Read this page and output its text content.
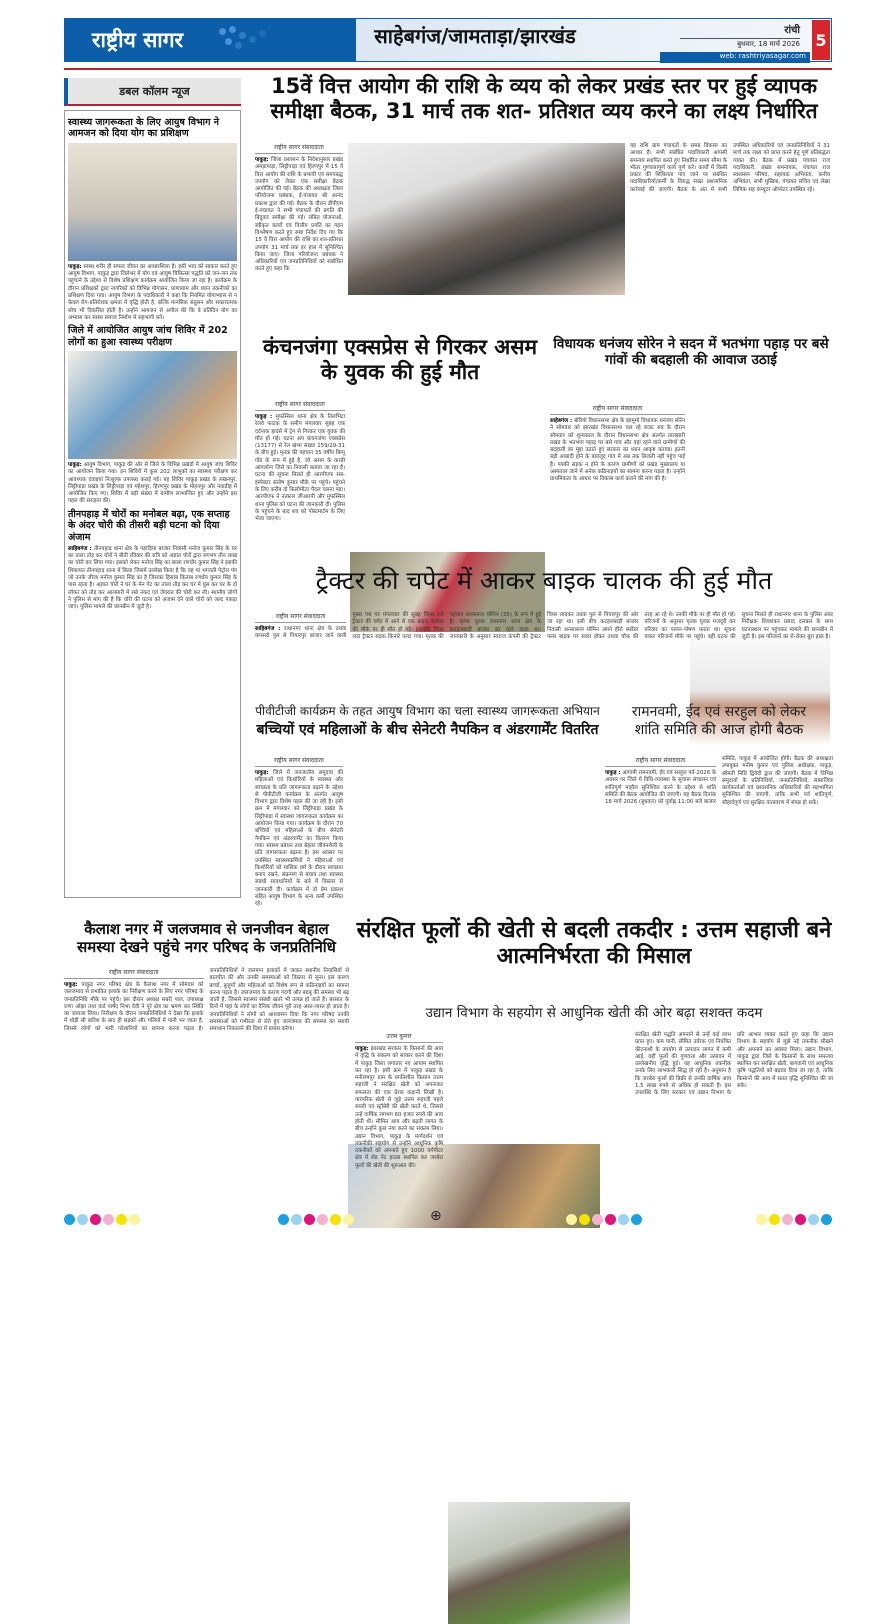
राष्ट्रीय सागर	साहेबगंज/जामताड़ा/झारखंड	रांची
बुधवार, 18 मार्च 2026
web: rashtriyasagar.com
5
डबल कॉलम न्यूज
स्वास्थ्य जागरूकता के लिए आयुष विभाग ने आमजन को दिया योग का प्रशिक्षण

पाकुड़: स्वस्थ शरीर ही सफल जीवन का आधारशिला है। इसी भाव को साकार करते हुए आयुष विभाग, पाकुड़ द्वारा जिलेभर में योग एवं आयुष चिकित्सा पद्धति को जन-जन तक पहुंचाने के उद्देश्य से विशेष प्रशिक्षण कार्यक्रम आयोजित किया जा रहा है। कार्यक्रम के दौरान प्रशिक्षकों द्वारा नागरिकों को विभिन्न योगासन, प्राणायाम और ध्यान तकनीकों का प्रशिक्षण दिया गया। आयुष विभाग के पदाधिकारी ने कहा कि नियमित योगाभ्यास से न केवल रोग-प्रतिरोधक क्षमता में वृद्धि होती है, बल्कि मानसिक संतुलन और सकारात्मक सोच भी विकसित होती है। उन्होंने आमजन से अपील की कि वे प्रतिदिन योग का अभ्यास कर स्वस्थ समाज निर्माण में सहभागी बनें।

जिले में आयोजित आयुष जांच शिविर में 202 लोगों का हुआ स्वास्थ्य परीक्षण

पाकुड़: आयुष विभाग, पाकुड़ की ओर से जिले के विभिन्न प्रखंडों में आयुष जांच शिविर का आयोजन किया गया। इन शिविरों में कुल 202 लाभुकों का स्वास्थ्य परीक्षण कर आवश्यक दवाइयां निःशुल्क उपलब्ध कराई गई। यह शिविर पाकुड़ प्रखंड के लखनपुर, लिट्टीपाड़ा प्रखंड के लिट्टीपाड़ा एवं महेशपुर, हिरणपुर प्रखंड के मोहनपुर और नवाडीह में आयोजित किए गए। शिविर में बड़ी संख्या में ग्रामीण लाभान्वित हुए और उन्होंने इस पहल की सराहना की।

तीनपहाड़ में चोरों का मनोबल बढ़ा, एक सप्ताह के अंदर चोरी की तीसरी बड़ी घटना को दिया अंजाम

साहिबगंज : तीनपहाड़ थाना क्षेत्र के पहाड़िया बाजार निवासी मनोज कुमार सिंह के घर का ताला तोड़ कर चोरों ने बीती रविवार की रात्रि को अज्ञात चोरों द्वारा लगभग तीन लाख का चोरी कर लिया गया। इसको लेकर मनोज सिंह का साला रणधीर कुमार सिंह ने इसकी शिकायत तीनपहाड़ थाना में किया जिसमें उल्लेख किया है कि वह मां भगवती पेट्रोल पंप जो उनके जीजा मनोज कुमार सिंह का है जिसका हिसाब किताब रणधीर कुमार सिंह के पास रहता है। अज्ञात चोरों ने घर के मेन गेट का ताला तोड़ कर घर में घुस कर घर के दो लॉकर को तोड़ कर आलमारी में रखे नकद एवं जेवरात की चोरी कर ली। स्थानीय लोगों ने पुलिस से मांग की है कि चोरी की घटना को अंजाम देने वाले चोरों को जल्द पकड़ा जाए। पुलिस मामले की छानबीन में जुटी है।

15वें वित्त आयोग की राशि के व्यय को लेकर प्रखंड स्तर पर हुई व्यापक समीक्षा बैठक, 31 मार्च तक शत- प्रतिशत व्यय करने का लक्ष्य निर्धारित
राष्ट्रीय सागर संवाददाता

पाकुड़: जिला प्रशासन के निदेशानुसार प्रखंड अमड़ापाड़ा, लिट्टीपाड़ा एवं हिरणपुर में 15 वें वित्त आयोग की राशि के प्रभावी एवं समयबद्ध उपयोग को लेकर एक समीक्षा बैठक आयोजित की गई। बैठक की अध्यक्षता जिला परियोजना प्रबंधक, ई-पंचायत श्री आनंद प्रकाश द्वारा की गई। बैठक के दौरान डीपीएम ई-पंचायत ने सभी पंचायतों की प्रगति की बिंदुवार समीक्षा की गई। लंबित योजनाओं, स्वीकृत कार्यों एवं वित्तीय प्रगति का गहन विश्लेषण करते हुए स्पष्ट निर्देश दिए गए कि 15 वें वित्त आयोग की राशि का शत-प्रतिशत उपयोग 31 मार्च तक हर हाल में सुनिश्चित किया जाए। जिला परियोजना प्रबंधक ने अधिकारियों एवं जनप्रतिनिधियों को संबोधित करते हुए कहा कि

यह राशि ग्राम पंचायतों के समग्र विकास का आधार है। सभी संबंधित पदाधिकारी आपसी समन्वय स्थापित करते हुए निर्धारित समय सीमा के भीतर गुणवत्तापूर्ण कार्य पूर्ण करें। कार्यों में किसी प्रकार की शिथिलता पाए जाने पर संबंधित पदाधिकारियों/कर्मी के विरुद्ध सख्त प्रशासनिक कार्रवाई की जाएगी। बैठक के अंत में सभी उपस्थित अधिकारियों एवं जनप्रतिनिधियों ने 31 मार्च तक लक्ष्य को प्राप्त करने हेतु पूर्ण प्रतिबद्धता व्यक्त की। बैठक में प्रखंड पंचायत राज पदाधिकारी, प्रखंड समन्वयक, पंचायत राज स्वशासन परिषद, सहायक अभियंता, कनीय अभियंता, सभी मुखिया, पंचायत सचिव एवं लेखा लिपिक सह कंप्यूटर ऑपरेटर उपस्थित रहे।
कंचनजंगा एक्सप्रेस से गिरकर असम के युवक की हुई मौत
राष्ट्रीय सागर संवाददाता

पाकुड़ : मुफस्सिल थाना क्षेत्र के तिलभिटा रेलवे फाटक के समीप मंगलवार सुबह एक दर्दनाक हादसे में ट्रेन से गिरकर एक युवक की मौत हो गई। घटना अप कंचनजंगा एक्सप्रेस (13177) से रेल खंभा संख्या 159/29-31 के बीच हुई। मृतक की पहचान 35 वर्षीय बिप्पू गोंड के रूप में हुई है, जो असम के करबी आंगलॉन्ग जिले का निवासी बताया जा रहा है। घटना की सूचना मिलते ही आरपीएफ सब-इंस्पेक्टर संतोष कुमार मौके पर पहुंचे। पहुंचने के लिए करीब दो किलोमीटर पैदल चलना पड़ा। आरपीएफ ने तत्काल जीआरपी और मुफस्सिल थाना पुलिस को घटना की जानकारी दी। पुलिस के पहुंचने के बाद शव को पोस्टमार्टम के लिए भेजा जाएगा।

विधायक धनंजय सोरेन ने सदन में भतभंगा पहाड़ पर बसे गांवों की बदहाली की आवाज उठाई
राष्ट्रीय सागर संवाददाता

साहेबगंज : बोरियो विधानसभा क्षेत्र के झामुमो विधायक धनंजय सोरेन ने सोमवार को झारखंड विधानसभा चल रहे बजट सत्र के दौरान सोमवार को शून्यकाल के दौरान विधानसभा क्षेत्र अंतर्गत तालझारी प्रखंड के भतभंगा पहाड़ पर बसे गांव और वहां रहने वाले ग्रामीणों की बदहाली का मुद्दा उठाते हुए सरकार का ध्यान आकृष्ट कराया। इतनी बड़ी आबादी होने के बावजूद गांव में अब तक बिजली नहीं पहुंच पाई है। पक्की सड़क न होने के कारण ग्रामीणों को प्रखंड मुख्यालय या अस्पताल जाने में अनेक कठिनाइयों का सामना करना पड़ता है। उन्होंने प्राथमिकता के आधार पर विकास कार्य कराने की मांग की है।

ट्रैक्टर की चपेट में आकर बाइक चालक की हुई मौत
राष्ट्रीय सागर संवाददाता

साहिबगंज : राधानगर थाना क्षेत्र के उधवा कपसरो पुल से पियारपुर बाजार जाने वाली मुख्य पथ पर मंगलवार की सुबह चिप्स लदे ट्रैक्टर की चपेट में आने से एक बाइक चालक की मौके पर ही मौत हो गई। हालांकि चिप्स लदा ट्रैक्टर सड़क किनारे पलट गया। मृतक की पहचान अनसरूल मोमिन (35) के रूप में हुई है। मृतक युवक राधानगर थाना क्षेत्र के कटहलबाड़ी बाजार का रहने वाला था। जानकारी के अनुसार स्वराज कंपनी की ट्रैक्टर चिप्स लादकर उधवा पुल से पियारपुर की ओर जा रहा था। इसी बीच कटहलबाड़ी बाजार निवासी अनसारूल मोमिन अपने हीरो स्प्लेंडर पल्स बाइक पर सवार होकर उधवा चौक की तरह आ रहे थे। उनकी मौके पर ही मौत हो गई। परिजनों के अनुसार मृतक युवक मजदूरी कर परिवार का पालन-पोषण करता था। सूचना पाकर परिजनों मौके पर पहुंचे। वहीं घटना की सूचना मिलते ही राधानगर थाना के पुलिस अवर निरीक्षक शिवशंकर प्रसाद दलबल के साथ घटनास्थल पर पहुंचकर मामले की छानबीन में जुटी है। इस परिजनों का रो-रोकर बुरा हाल है।

पीवीटीजी कार्यक्रम के तहत आयुष विभाग का चला स्वास्थ्य जागरूकता अभियान
बच्चियों एवं महिलाओं के बीच सेनेटरी नैपकिन व अंडरगार्मेंट वितरित
राष्ट्रीय सागर संवाददाता

पाकुड़: जिले में जनजातीय समुदाय की महिलाओं एवं किशोरियों के स्वास्थ्य और स्वच्छता के प्रति जागरूकता बढ़ाने के उद्देश्य से पीवीटीजी कार्यक्रम के अंतर्गत आयुष विभाग द्वारा विशेष पहल की जा रही है। इसी क्रम में मंगलवार को लिट्टीपाड़ा प्रखंड के लिट्टीपाड़ा में स्वास्थ्य जागरूकता कार्यक्रम का आयोजन किया गया। कार्यक्रम के दौरान 70 बच्चियों एवं महिलाओं के बीच सेनेटरी नैपकिन एवं अंडरगार्मेंट का वितरण किया गया। स्वस्थ्य प्रबंधन तथा बेहतर जीवनशैली के प्रति जागरूकता बढ़ाना है। इस अवसर पर उपस्थित स्वास्थ्यकर्मियों ने महिलाओं एवं किशोरियों को मासिक धर्म के दौरान स्वच्छता बनाए रखने, संक्रमण से बचाव तथा स्वास्थ्य संबंधी सावधानियों के बारे में विस्तार से जानकारी दी। कार्यक्रम में डॉ प्रेम प्रकाश सहित आयुष विभाग के अन्य कर्मी उपस्थित रहे।

रामनवमी, ईद एवं सरहुल को लेकर
शांति समिति की आज होगी बैठक
राष्ट्रीय सागर संवाददाता

पाकुड़ : आगामी रामनवमी, ईद एवं सरहुल पर्व-2026 के अवसर पर जिले में विधि-व्यवस्था के सुचारू संचालन एवं शांतिपूर्ण माहौल सुनिश्चित करने के उद्देश्य से शांति समिति की बैठक आयोजित की जाएगी। यह बैठक दिनांक 18 मार्च 2026 (बुधवार) को पूर्वाह्न 11:00 बजे बाजार समिति, पाकुड़ में आयोजित होगी। बैठक की अध्यक्षता उपायुक्त मनीष कुमार एवं पुलिस अधीक्षक, पाकुड़, श्रीमती निधि द्विवेदी द्वारा की जाएगी। बैठक में विभिन्न समुदायों के प्रतिनिधियों, जनप्रतिनिधियों, सामाजिक कार्यकर्ताओं एवं प्रशासनिक अधिकारियों की सहभागिता सुनिश्चित की जाएगी, ताकि सभी पर्व शांतिपूर्ण, सौहार्दपूर्ण एवं सुरक्षित वातावरण में संपन्न हो सकें।

कैलाश नगर में जलजमाव से जनजीवन बेहाल समस्या देखने पहुंचे नगर परिषद के जनप्रतिनिधि
राष्ट्रीय सागर संवाददाता

पाकुड़: पाकुड़ नगर परिषद क्षेत्र के कैलाश नगर में सोमवार को जलजमाव से प्रभावित इलाके का निरीक्षण करने के लिए नगर परिषद के जनप्रतिनिधि मौके पर पहुंचे। इस दौरान अध्यक्ष सबरी पाल, उपाध्यक्ष राणा ओझा तथा वार्ड पार्षद निभा देवी ने पूरे क्षेत्र का भ्रमण कर स्थिति का जायजा लिया। निरीक्षण के दौरान जनप्रतिनिधियों ने देखा कि इलाके में थोड़ी सी बारिश के बाद ही सड़कों और गलियों में पानी भर जाता है, जिससे लोगों को भारी परेशानियों का सामना करना पड़ता है। जनप्रतिनिधियों ने जलमग्न इलाकों में जाकर स्थानीय निवासियों से बातचीत की और उनकी समस्याओं को विस्तार से सुना। इस कारण बच्चों, बुजुर्गों और महिलाओं को विशेष रूप से कठिनाइयों का सामना करना पड़ता है। जलजमाव के कारण गंदगी और बदबू की समस्या भी बढ़ जाती है, जिससे स्वास्थ्य संबंधी खतरे भी उत्पन्न हो जाते हैं। बरसात के दिनों में यहां के लोगों का दैनिक जीवन पूरी तरह अस्त-व्यस्त हो जाता है। जनप्रतिनिधियों ने लोगों को आश्वासन दिया कि नगर परिषद उनकी समस्याओं को गंभीरता से लेते हुए जलजमाव की समस्या का स्थायी समाधान निकालने की दिशा में प्रयास करेगा।

संरक्षित फूलों की खेती से बदली तकदीर : उत्तम सहाजी बने आत्मनिर्भरता की मिसाल
उद्यान विभाग के सहयोग से आधुनिक खेती की ओर बढ़ा सशक्त कदम
उत्तम कुमार

पाकुड़: झारखंड सरकार के किसानों की आय में वृद्धि के संकल्प को साकार करने की दिशा में पाकुड़ जिला लगातार नए आयाम स्थापित कर रहा है। इसी क्रम में पाकुड़ प्रखंड के मनीरामपुर ग्राम के प्रगतिशील किसान उत्तम सहाजी ने संरक्षित खेती को अपनाकर सफलता की एक प्रेरक कहानी लिखी है। पारंपरिक खेती से जुड़े उत्तम सहाजी पहले सब्जी एवं स्ट्रॉबेरी की खेती करते थे, जिससे उन्हें वार्षिक लगभग 60 हजार रुपये की आय होती थी। सीमित आय और बढ़ती लागत के बीच उन्होंने कुछ नया करने का संकल्प लिया। उद्यान विभाग, पाकुड़ के मार्गदर्शन एवं तकनीकी सहयोग से उन्होंने आधुनिक कृषि तकनीकों को अपनाते हुए 1000 वर्गमीटर क्षेत्र में शेड नेट हाउस स्थापित कर जरबेरा फूलों की खेती की शुरुआत की।

संरक्षित खेती पद्धति अपनाने से उन्हें कई लाभ प्राप्त हुए। कम पानी, सीमित उर्वरक एवं नियंत्रित कीटनाशी के उपयोग से उत्पादन लागत में कमी आई, वहीं फूलों की गुणवत्ता और उत्पादन में उल्लेखनीय वृद्धि हुई। यह आधुनिक तकनीक उनके लिए लाभकारी सिद्ध हो रही है। अनुमान है कि जरबेरा फूलों की बिक्री से उनकी वार्षिक आय 1.5 लाख रुपये से अधिक हो सकती है। इस उपलब्धि के लिए सरकार एवं उद्यान विभाग के प्रति आभार व्यक्त करते हुए कहा कि उद्यान विभाग के सहयोग से मुझे नई तकनीक सीखने और अपनाने का अवसर मिला। उद्यान विभाग, पाकुड़ द्वारा जिले के किसानों के साथ समन्वय स्थापित कर संरक्षित खेती, बागवानी एवं आधुनिक कृषि पद्धतियों को बढ़ावा दिया जा रहा है, ताकि किसानों की आय में सतत वृद्धि सुनिश्चित की जा सके।
⊕
